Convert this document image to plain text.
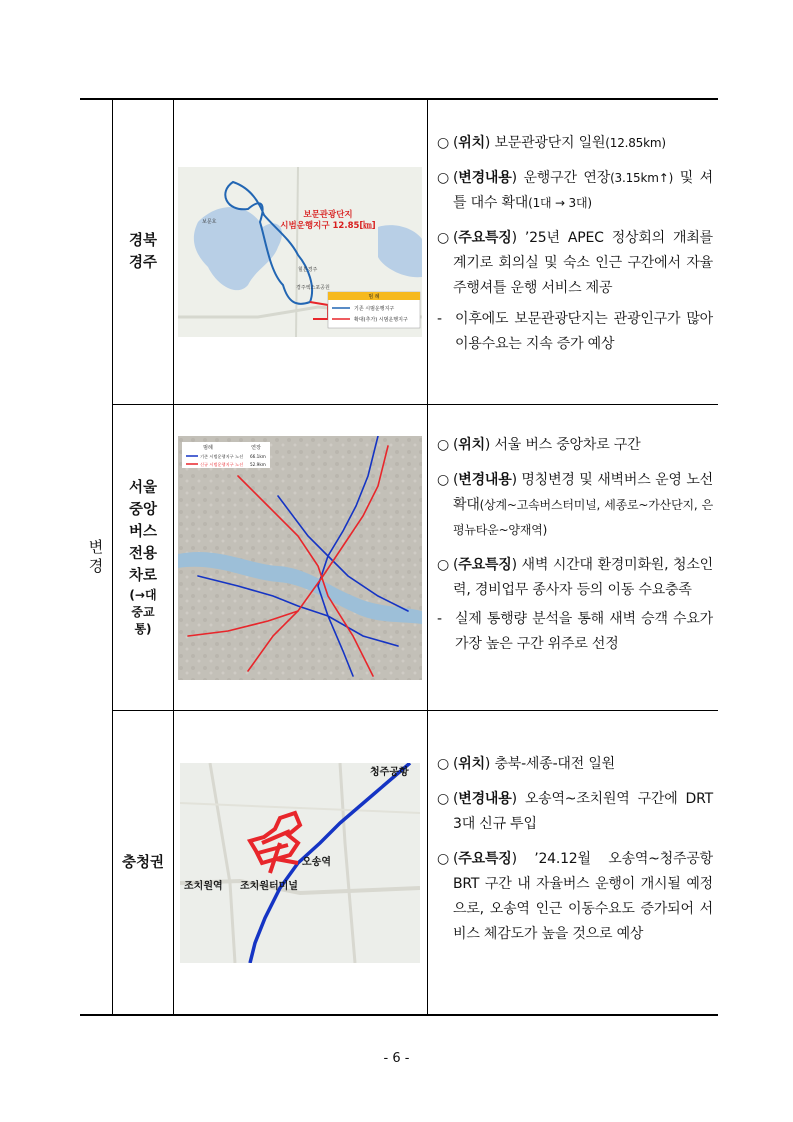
변경
경북 경주
보문관광단지
시범운행지구 12.85[㎞]
보문호
힐튼경주
경주엑스포공원
범 례
기존 시범운행지구
확대(추가) 시범운행지구
○ (위치) 보문관광단지 일원(12.85km)
○ (변경내용) 운행구간 연장(3.15km↑) 및 셔틀 대수 확대(1대 → 3대)
○ (주요특징) ’25년 APEC 정상회의 개최를 계기로 회의실 및 숙소 인근 구간에서 자율주행셔틀 운행 서비스 제공
- 이후에도 보문관광단지는 관광인구가 많아 이용수요는 지속 증가 예상
서울 중앙 버스 전용 차로
(→대중교통)
범례	연장
기존 시범운행지구 노선 66.1km
신규 시범운행지구 노선 52.9km
○ (위치) 서울 버스 중앙차로 구간
○ (변경내용) 명칭변경 및 새벽버스 운영 노선 확대(상계~고속버스터미널, 세종로~가산단지, 은평뉴타운~양재역)
○ (주요특징) 새벽 시간대 환경미화원, 청소인력, 경비업무 종사자 등의 이동 수요충족
- 실제 통행량 분석을 통해 새벽 승객 수요가 가장 높은 구간 위주로 선정
충청권
청주공항
오송역
조치원역 조치원터미널
○ (위치) 충북-세종-대전 일원
○ (변경내용) 오송역~조치원역 구간에 DRT 3대 신규 투입
○ (주요특징) ’24.12월 오송역~청주공항 BRT 구간 내 자율버스 운행이 개시될 예정으로, 오송역 인근 이동수요도 증가되어 서비스 체감도가 높을 것으로 예상
- 6 -
